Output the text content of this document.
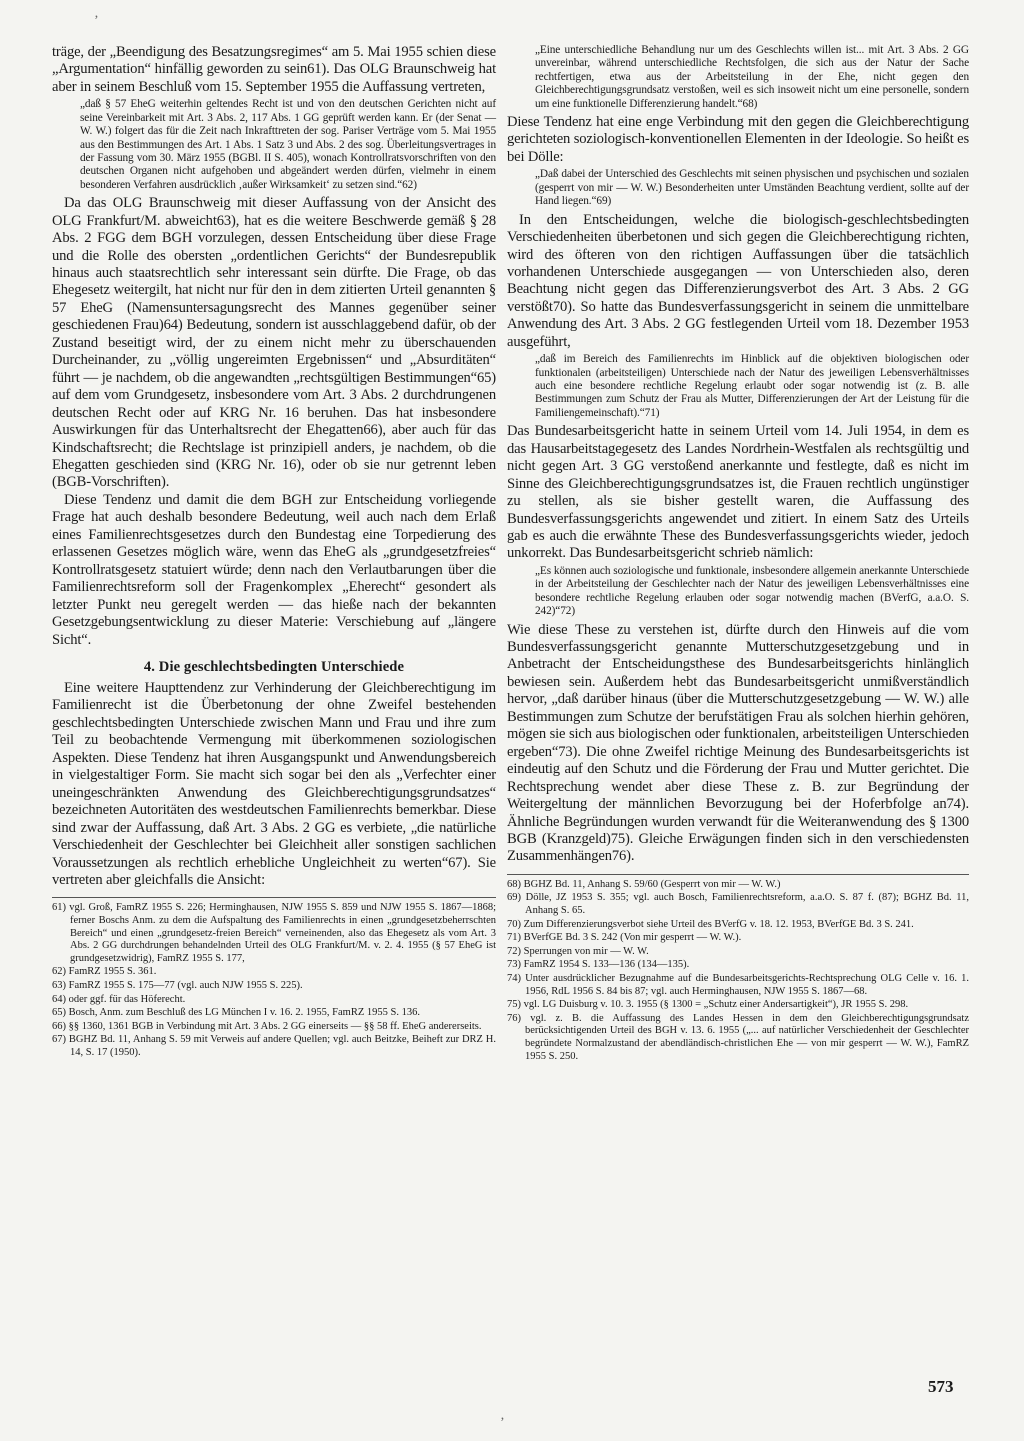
‚
‚

träge, der „Beendigung des Besatzungsregimes“ am 5. Mai 1955 schien diese „Argumentation“ hinfällig geworden zu sein61). Das OLG Braunschweig hat aber in seinem Beschluß vom 15. September 1955 die Auffassung vertreten,

„daß § 57 EheG weiterhin geltendes Recht ist und von den deutschen Gerichten nicht auf seine Vereinbarkeit mit Art. 3 Abs. 2, 117 Abs. 1 GG geprüft werden kann. Er (der Senat — W. W.) folgert das für die Zeit nach Inkrafttreten der sog. Pariser Verträge vom 5. Mai 1955 aus den Bestimmungen des Art. 1 Abs. 1 Satz 3 und Abs. 2 des sog. Überleitungsvertrages in der Fassung vom 30. März 1955 (BGBl. II S. 405), wonach Kontrollratsvorschriften von den deutschen Organen nicht aufgehoben und abgeändert werden dürfen, vielmehr in einem besonderen Verfahren ausdrücklich ‚außer Wirksamkeit‘ zu setzen sind.“62)

Da das OLG Braunschweig mit dieser Auffassung von der Ansicht des OLG Frankfurt/M. abweicht63), hat es die weitere Beschwerde gemäß § 28 Abs. 2 FGG dem BGH vorzulegen, dessen Entscheidung über diese Frage und die Rolle des obersten „ordentlichen Gerichts“ der Bundesrepublik hinaus auch staatsrechtlich sehr interessant sein dürfte. Die Frage, ob das Ehegesetz weitergilt, hat nicht nur für den in dem zitierten Urteil genannten § 57 EheG (Namensuntersagungsrecht des Mannes gegenüber seiner geschiedenen Frau)64) Bedeutung, sondern ist ausschlaggebend dafür, ob der Zustand beseitigt wird, der zu einem nicht mehr zu überschauenden Durcheinander, zu „völlig ungereimten Ergebnissen“ und „Absurditäten“ führt — je nachdem, ob die angewandten „rechtsgültigen Bestimmungen“65) auf dem vom Grundgesetz, insbesondere vom Art. 3 Abs. 2 durchdrungenen deutschen Recht oder auf KRG Nr. 16 beruhen. Das hat insbesondere Auswirkungen für das Unterhaltsrecht der Ehegatten66), aber auch für das Kindschaftsrecht; die Rechtslage ist prinzipiell anders, je nachdem, ob die Ehegatten geschieden sind (KRG Nr. 16), oder ob sie nur getrennt leben (BGB-Vorschriften).

Diese Tendenz und damit die dem BGH zur Entscheidung vorliegende Frage hat auch deshalb besondere Bedeutung, weil auch nach dem Erlaß eines Familienrechtsgesetzes durch den Bundestag eine Torpedierung des erlassenen Gesetzes möglich wäre, wenn das EheG als „grundgesetzfreies“ Kontrollratsgesetz statuiert würde; denn nach den Verlautbarungen über die Familienrechtsreform soll der Fragenkomplex „Eherecht“ gesondert als letzter Punkt neu geregelt werden — das hieße nach der bekannten Gesetzgebungsentwicklung zu dieser Materie: Verschiebung auf „längere Sicht“.

4. Die geschlechtsbedingten Unterschiede

Eine weitere Haupttendenz zur Verhinderung der Gleichberechtigung im Familienrecht ist die Überbetonung der ohne Zweifel bestehenden geschlechtsbedingten Unterschiede zwischen Mann und Frau und ihre zum Teil zu beobachtende Vermengung mit überkommenen soziologischen Aspekten. Diese Tendenz hat ihren Ausgangspunkt und Anwendungsbereich in vielgestaltiger Form. Sie macht sich sogar bei den als „Verfechter einer uneingeschränkten Anwendung des Gleichberechtigungsgrundsatzes“ bezeichneten Autoritäten des westdeutschen Familienrechts bemerkbar. Diese sind zwar der Auffassung, daß Art. 3 Abs. 2 GG es verbiete, „die natürliche Verschiedenheit der Geschlechter bei Gleichheit aller sonstigen sachlichen Voraussetzungen als rechtlich erhebliche Ungleichheit zu werten“67). Sie vertreten aber gleichfalls die Ansicht:

61) vgl. Groß, FamRZ 1955 S. 226; Herminghausen, NJW 1955 S. 859 und NJW 1955 S. 1867—1868; ferner Boschs Anm. zu dem die Aufspaltung des Familienrechts in einen „grundgesetzbeherrschten Bereich“ und einen „grundgesetz-freien Bereich“ verneinenden, also das Ehegesetz als vom Art. 3 Abs. 2 GG durchdrungen behandelnden Urteil des OLG Frankfurt/M. v. 2. 4. 1955 (§ 57 EheG ist grundgesetzwidrig), FamRZ 1955 S. 177,

62) FamRZ 1955 S. 361.

63) FamRZ 1955 S. 175—77 (vgl. auch NJW 1955 S. 225).

64) oder ggf. für das Höferecht.

65) Bosch, Anm. zum Beschluß des LG München I v. 16. 2. 1955, FamRZ 1955 S. 136.

66) §§ 1360, 1361 BGB in Verbindung mit Art. 3 Abs. 2 GG einerseits — §§ 58 ff. EheG andererseits.

67) BGHZ Bd. 11, Anhang S. 59 mit Verweis auf andere Quellen; vgl. auch Beitzke, Beiheft zur DRZ H. 14, S. 17 (1950).

„Eine unterschiedliche Behandlung nur um des Geschlechts willen ist... mit Art. 3 Abs. 2 GG unvereinbar, während unterschiedliche Rechtsfolgen, die sich aus der Natur der Sache rechtfertigen, etwa aus der Arbeitsteilung in der Ehe, nicht gegen den Gleichberechtigungsgrundsatz verstoßen, weil es sich insoweit nicht um eine personelle, sondern um eine funktionelle Differenzierung handelt.“68)

Diese Tendenz hat eine enge Verbindung mit den gegen die Gleichberechtigung gerichteten soziologisch-konventionellen Elementen in der Ideologie. So heißt es bei Dölle:

„Daß dabei der Unterschied des Geschlechts mit seinen physischen und psychischen und sozialen (gesperrt von mir — W. W.) Besonderheiten unter Umständen Beachtung verdient, sollte auf der Hand liegen.“69)

In den Entscheidungen, welche die biologisch-geschlechtsbedingten Verschiedenheiten überbetonen und sich gegen die Gleichberechtigung richten, wird des öfteren von den richtigen Auffassungen über die tatsächlich vorhandenen Unterschiede ausgegangen — von Unterschieden also, deren Beachtung nicht gegen das Differenzierungsverbot des Art. 3 Abs. 2 GG verstößt70). So hatte das Bundesverfassungsgericht in seinem die unmittelbare Anwendung des Art. 3 Abs. 2 GG festlegenden Urteil vom 18. Dezember 1953 ausgeführt,

„daß im Bereich des Familienrechts im Hinblick auf die objektiven biologischen oder funktionalen (arbeitsteiligen) Unterschiede nach der Natur des jeweiligen Lebensverhältnisses auch eine besondere rechtliche Regelung erlaubt oder sogar notwendig ist (z. B. alle Bestimmungen zum Schutz der Frau als Mutter, Differenzierungen der Art der Leistung für die Familiengemeinschaft).“71)

Das Bundesarbeitsgericht hatte in seinem Urteil vom 14. Juli 1954, in dem es das Hausarbeitstagegesetz des Landes Nordrhein-Westfalen als rechtsgültig und nicht gegen Art. 3 GG verstoßend anerkannte und festlegte, daß es nicht im Sinne des Gleichberechtigungsgrundsatzes ist, die Frauen rechtlich ungünstiger zu stellen, als sie bisher gestellt waren, die Auffassung des Bundesverfassungsgerichts angewendet und zitiert. In einem Satz des Urteils gab es auch die erwähnte These des Bundesverfassungsgerichts wieder, jedoch unkorrekt. Das Bundesarbeitsgericht schrieb nämlich:

„Es können auch soziologische und funktionale, insbesondere allgemein anerkannte Unterschiede in der Arbeitsteilung der Geschlechter nach der Natur des jeweiligen Lebensverhältnisses eine besondere rechtliche Regelung erlauben oder sogar notwendig machen (BVerfG, a.a.O. S. 242)“72)

Wie diese These zu verstehen ist, dürfte durch den Hinweis auf die vom Bundesverfassungsgericht genannte Mutterschutzgesetzgebung und in Anbetracht der Entscheidungsthese des Bundesarbeitsgerichts hinlänglich bewiesen sein. Außerdem hebt das Bundesarbeitsgericht unmißverständlich hervor, „daß darüber hinaus (über die Mutterschutzgesetzgebung — W. W.) alle Bestimmungen zum Schutze der berufstätigen Frau als solchen hierhin gehören, mögen sie sich aus biologischen oder funktionalen, arbeitsteiligen Unterschieden ergeben“73). Die ohne Zweifel richtige Meinung des Bundesarbeitsgerichts ist eindeutig auf den Schutz und die Förderung der Frau und Mutter gerichtet. Die Rechtsprechung wendet aber diese These z. B. zur Begründung der Weitergeltung der männlichen Bevorzugung bei der Hoferbfolge an74). Ähnliche Begründungen wurden verwandt für die Weiteranwendung des § 1300 BGB (Kranzgeld)75). Gleiche Erwägungen finden sich in den verschiedensten Zusammenhängen76).

68) BGHZ Bd. 11, Anhang S. 59/60 (Gesperrt von mir — W. W.)

69) Dölle, JZ 1953 S. 355; vgl. auch Bosch, Familienrechtsreform, a.a.O. S. 87 f. (87); BGHZ Bd. 11, Anhang S. 65.

70) Zum Differenzierungsverbot siehe Urteil des BVerfG v. 18. 12. 1953, BVerfGE Bd. 3 S. 241.

71) BVerfGE Bd. 3 S. 242 (Von mir gesperrt — W. W.).

72) Sperrungen von mir — W. W.

73) FamRZ 1954 S. 133—136 (134—135).

74) Unter ausdrücklicher Bezugnahme auf die Bundesarbeitsgerichts-Rechtsprechung OLG Celle v. 16. 1. 1956, RdL 1956 S. 84 bis 87; vgl. auch Herminghausen, NJW 1955 S. 1867—68.

75) vgl. LG Duisburg v. 10. 3. 1955 (§ 1300 = „Schutz einer Andersartigkeit“), JR 1955 S. 298.

76) vgl. z. B. die Auffassung des Landes Hessen in dem den Gleichberechtigungsgrundsatz berücksichtigenden Urteil des BGH v. 13. 6. 1955 („... auf natürlicher Verschiedenheit der Geschlechter begründete Normalzustand der abendländisch-christlichen Ehe — von mir gesperrt — W. W.), FamRZ 1955 S. 250.

573
